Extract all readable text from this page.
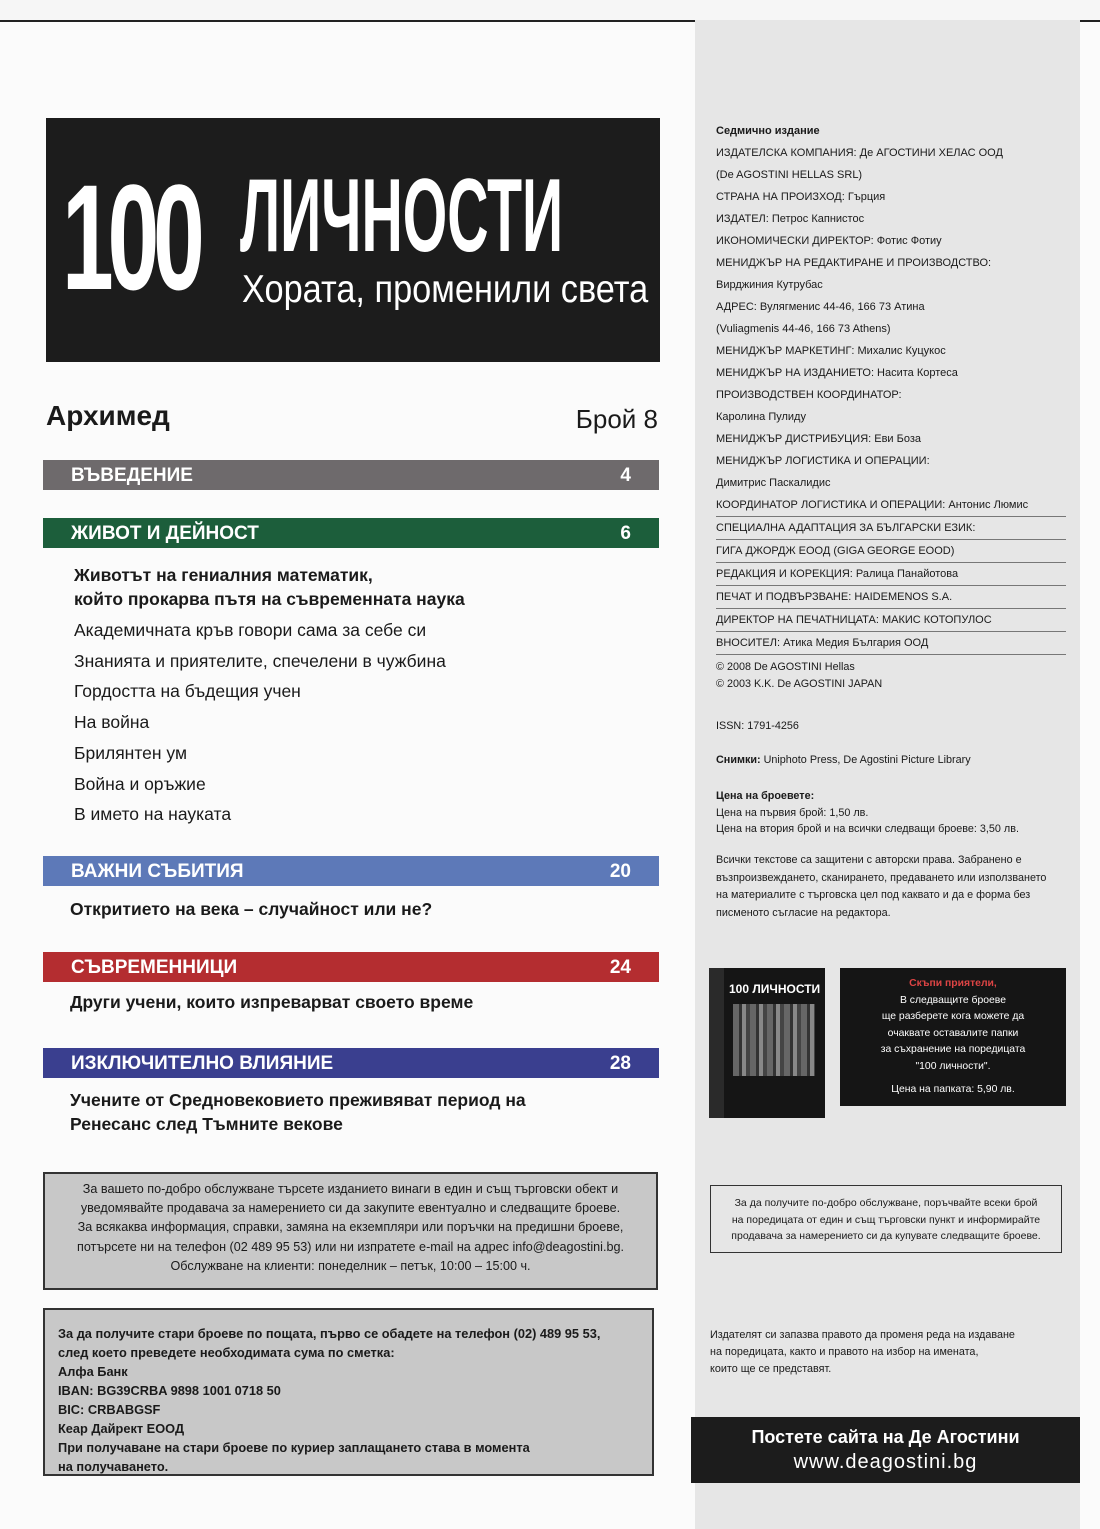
100 ЛИЧНОСТИ
Хората, променили света
Архимед	Брой 8
ВЪВЕДЕНИЕ	4
ЖИВОТ И ДЕЙНОСТ	6
Животът на гениалния математик,
който прокарва пътя на съвременната наука
Академичната кръв говори сама за себе си
Знанията и приятелите, спечелени в чужбина
Гордостта на бъдещия учен
На война
Брилянтен ум
Война и оръжие
В името на науката
ВАЖНИ СЪБИТИЯ	20
Откритието на века – случайност или не?
СЪВРЕМЕННИЦИ	24
Други учени, които изпреварват своето време
ИЗКЛЮЧИТЕЛНО ВЛИЯНИЕ	28
Учените от Средновековието преживяват период на
Ренесанс след Тъмните векове
За вашето по-добро обслужване търсете изданието винаги в един и същ търговски обект и
уведомявайте продавача за намерението си да закупите евентуално и следващите броеве.
За всякаква информация, справки, замяна на екземпляри или поръчки на предишни броеве,
потърсете ни на телефон (02 489 95 53) или ни изпратете e-mail на адрес info@deagostini.bg.
Обслужване на клиенти: понеделник – петък, 10:00 – 15:00 ч.
За да получите стари броеве по пощата, първо се обадете на телефон (02) 489 95 53,
след което преведете необходимата сума по сметка:
Алфа Банк
IBAN: BG39CRBA 9898 1001 0718 50
BIC: CRBABGSF
Кеар Дайрект ЕООД
При получаване на стари броеве по куриер заплащането става в момента
на получаването.
Седмично издание
ИЗДАТЕЛСКА КОМПАНИЯ: Де АГОСТИНИ ХЕЛАС ООД
(De AGOSTINI HELLAS SRL)
СТРАНА НА ПРОИЗХОД: Гърция
ИЗДАТЕЛ: Петрос Капнистос
ИКОНОМИЧЕСКИ ДИРЕКТОР: Фотис Фотиу
МЕНИДЖЪР НА РЕДАКТИРАНЕ И ПРОИЗВОДСТВО:
Вирджиния Кутрубас
АДРЕС: Вулягменис 44-46, 166 73 Атина
(Vuliagmenis 44-46, 166 73 Athens)
МЕНИДЖЪР МАРКЕТИНГ: Михалис Куцукос
МЕНИДЖЪР НА ИЗДАНИЕТО: Насита Кортеса
ПРОИЗВОДСТВЕН КООРДИНАТОР:
Каролина Пулиду
МЕНИДЖЪР ДИСТРИБУЦИЯ: Еви Боза
МЕНИДЖЪР ЛОГИСТИКА И ОПЕРАЦИИ:
Димитрис Паскалидис
КООРДИНАТОР ЛОГИСТИКА И ОПЕРАЦИИ: Антонис Люмис
СПЕЦИАЛНА АДАПТАЦИЯ ЗА БЪЛГАРСКИ ЕЗИК:
ГИГА ДЖОРДЖ ЕООД (GIGA GEORGE EOOD)
РЕДАКЦИЯ И КОРЕКЦИЯ: Ралица Панайотова
ПЕЧАТ И ПОДВЪРЗВАНЕ: HAIDEMENOS S.A.
ДИРЕКТОР НА ПЕЧАТНИЦАТА: МАКИС КОТОПУЛОС
ВНОСИТЕЛ: Атика Медия България ООД
© 2008 De AGOSTINI Hellas
© 2003 K.K. De AGOSTINI JAPAN
ISSN: 1791-4256
Снимки: Uniphoto Press, De Agostini Picture Library
Цена на броевете:
Цена на първия брой: 1,50 лв.
Цена на втория брой и на всички следващи броеве: 3,50 лв.
Всички текстове са защитени с авторски права. Забранено е възпроизвеждането, сканирането, предаването или използването на материалите с търговска цел под каквато и да е форма без писменото съгласие на редактора.
100 ЛИЧНОСТИ	Скъпи приятели,
В следващите броеве
ще разберете кога можете да
очаквате оставалите папки
за съхранение на поредицата
"100 личности".
Цена на папката: 5,90 лв.
За да получите по-добро обслужване, поръчвайте всеки брой
на поредицата от един и същ търговски пункт и информирайте
продавача за намерението си да купувате следващите броеве.
Издателят си запазва правото да променя реда на издаване
на поредицата, както и правото на избор на имената,
които ще се представят.
Постете сайта на Де Агостини
www.deagostini.bg
